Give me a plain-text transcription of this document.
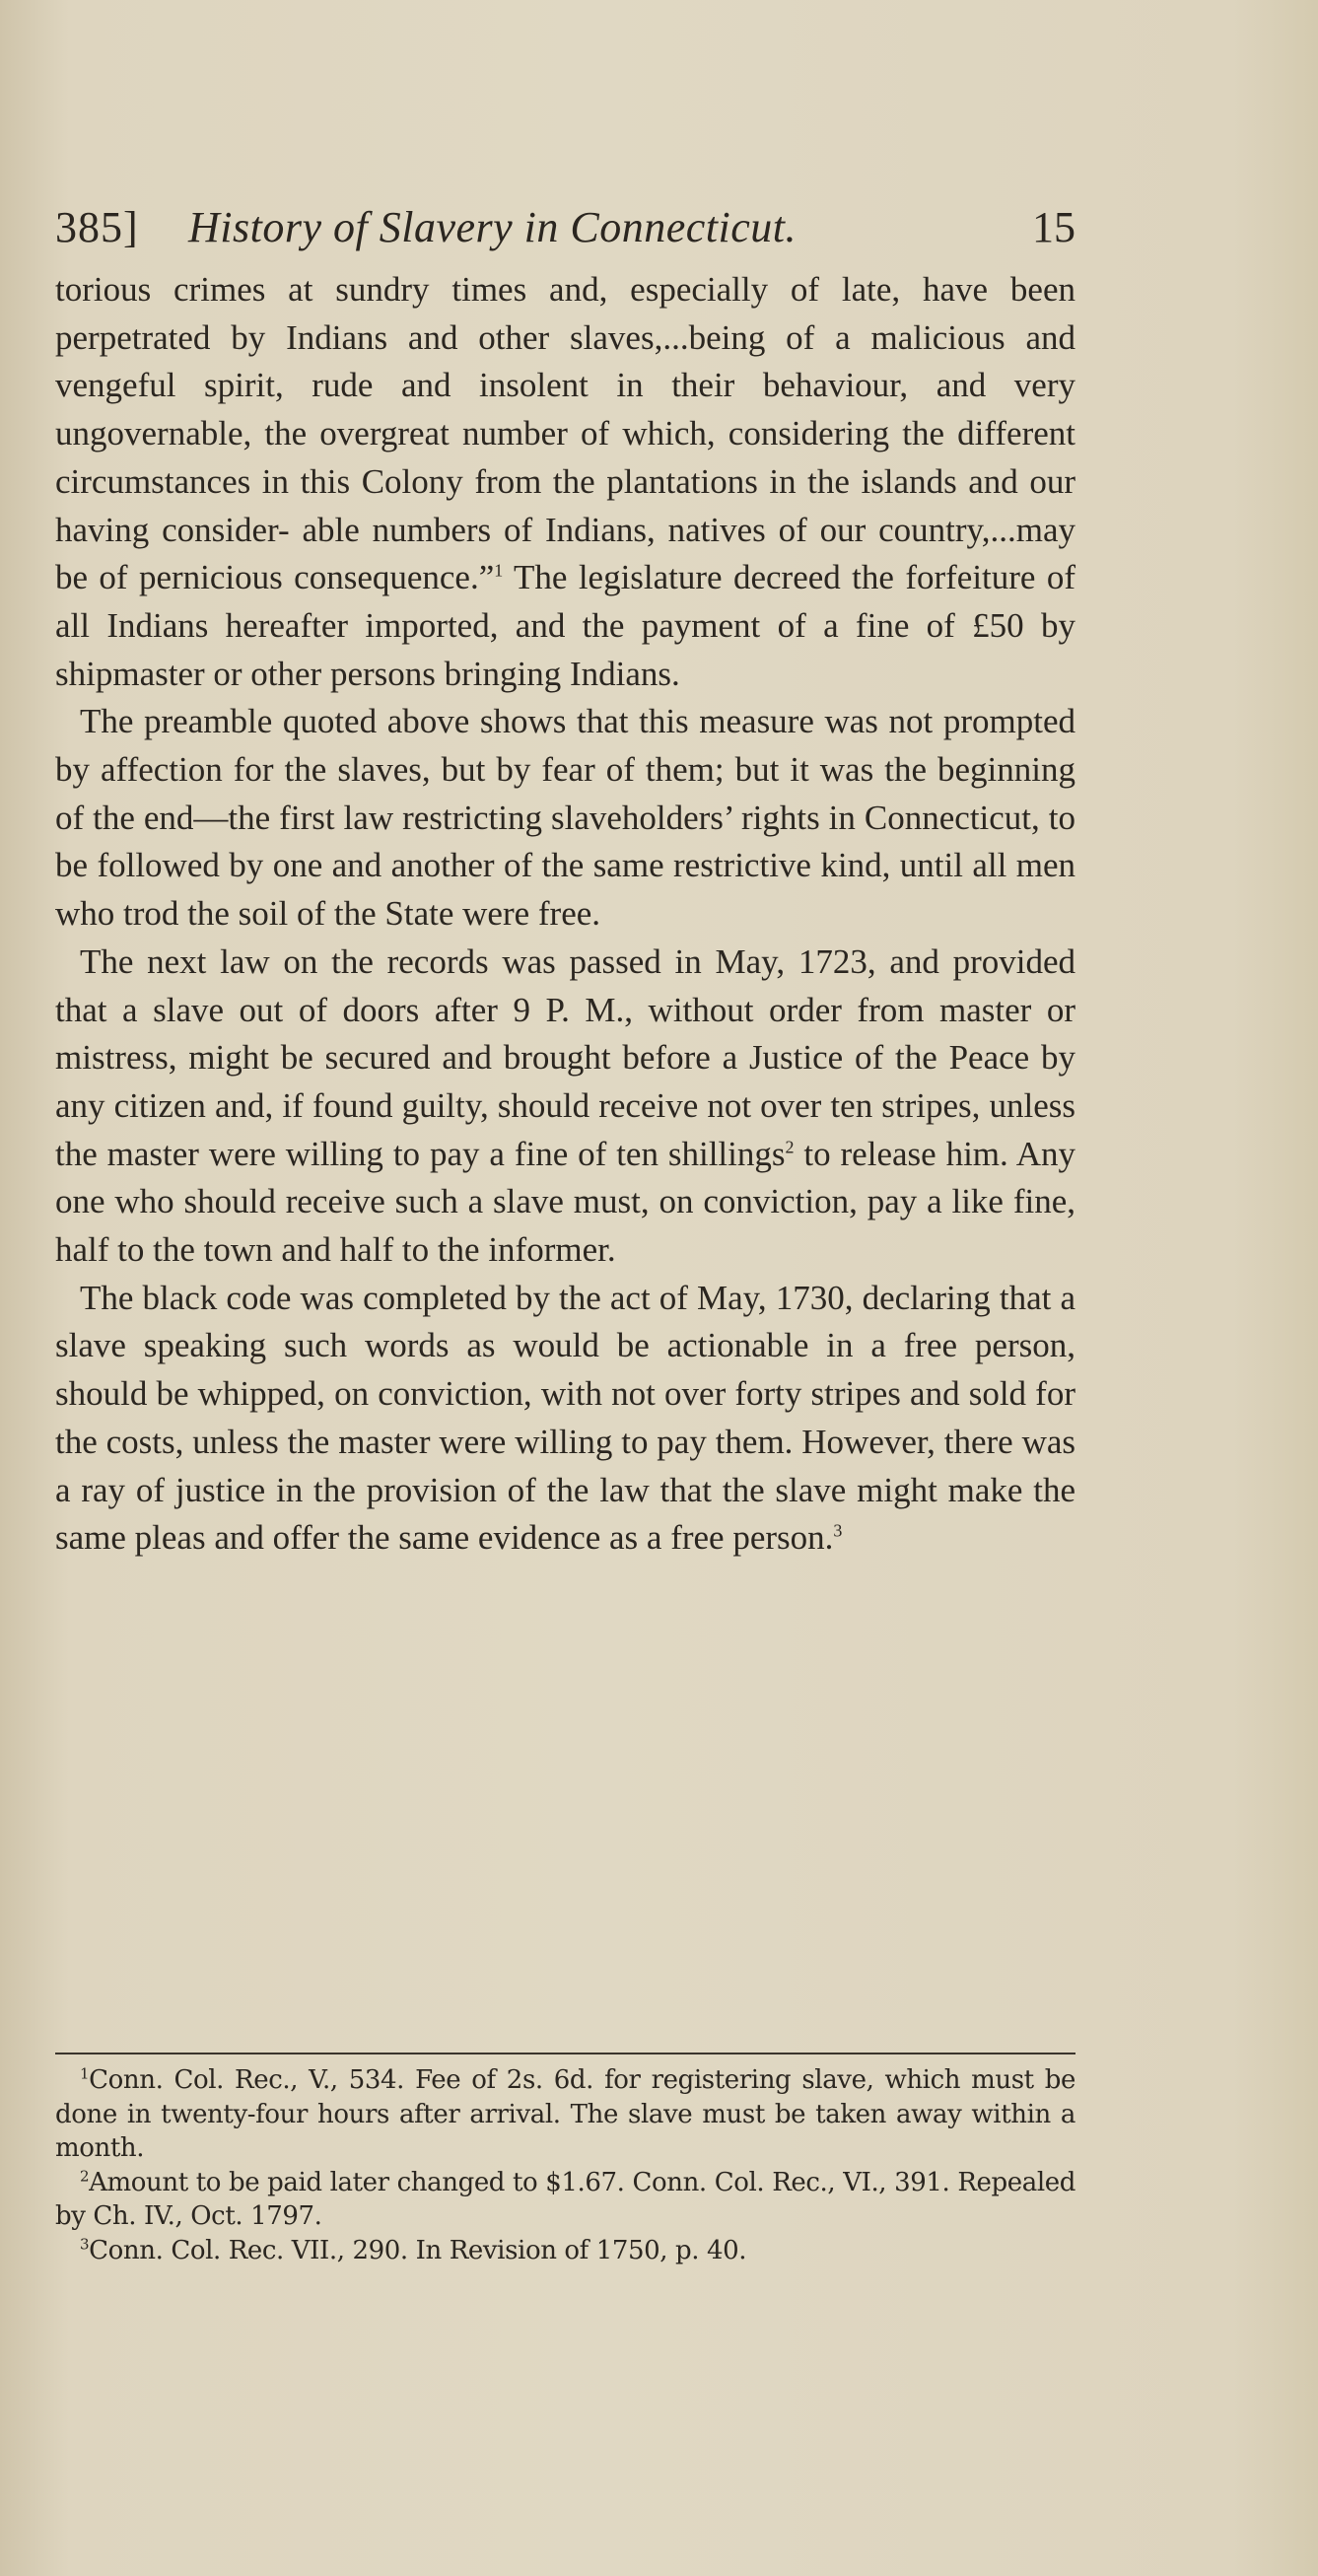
385] History of Slavery in Connecticut.	15

torious crimes at sundry times and, especially of late, have been perpetrated by Indians and other slaves,...being of a malicious and vengeful spirit, rude and insolent in their behaviour, and very ungovernable, the overgreat number of which, considering the different circumstances in this Colony from the plantations in the islands and our having consider- able numbers of Indians, natives of our country,...may be of pernicious consequence.”$^1$ The legislature decreed the forfeiture of all Indians hereafter imported, and the payment of a fine of £50 by shipmaster or other persons bringing Indians.

The preamble quoted above shows that this measure was not prompted by affection for the slaves, but by fear of them; but it was the beginning of the end—the first law restricting slaveholders’ rights in Connecticut, to be followed by one and another of the same restrictive kind, until all men who trod the soil of the State were free.

The next law on the records was passed in May, 1723, and provided that a slave out of doors after 9 P. M., without order from master or mistress, might be secured and brought before a Justice of the Peace by any citizen and, if found guilty, should receive not over ten stripes, unless the master were willing to pay a fine of ten shillings$^2$ to release him. Any one who should receive such a slave must, on conviction, pay a like fine, half to the town and half to the informer.

The black code was completed by the act of May, 1730, declaring that a slave speaking such words as would be actionable in a free person, should be whipped, on conviction, with not over forty stripes and sold for the costs, unless the master were willing to pay them. However, there was a ray of justice in the provision of the law that the slave might make the same pleas and offer the same evidence as a free person.$^3$

$^1$Conn. Col. Rec., V., 534. Fee of 2s. 6d. for registering slave, which must be done in twenty-four hours after arrival. The slave must be taken away within a month.

$^2$Amount to be paid later changed to $1.67. Conn. Col. Rec., VI., 391. Repealed by Ch. IV., Oct. 1797.

$^3$Conn. Col. Rec. VII., 290. In Revision of 1750, p. 40.
